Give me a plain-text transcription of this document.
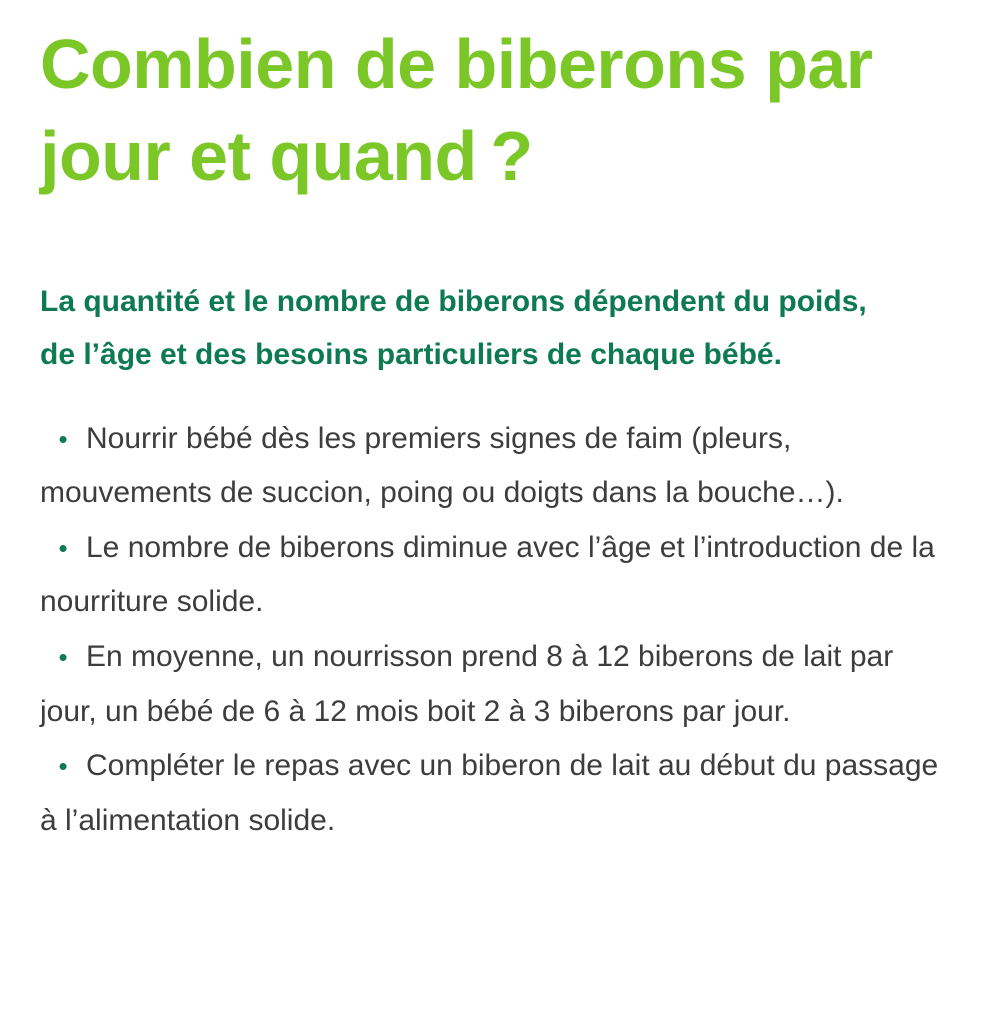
Combien de biberons par jour et quand ?

La quantité et le nombre de biberons dépendent du poids, de l’âge et des besoins particuliers de chaque bébé.

• Nourrir bébé dès les premiers signes de faim (pleurs, mouvements de succion, poing ou doigts dans la bouche…).
• Le nombre de biberons diminue avec l’âge et l’introduction de la nourriture solide.
• En moyenne, un nourrisson prend 8 à 12 biberons de lait par jour, un bébé de 6 à 12 mois boit 2 à 3 biberons par jour.
• Compléter le repas avec un biberon de lait au début du passage à l’alimentation solide.
